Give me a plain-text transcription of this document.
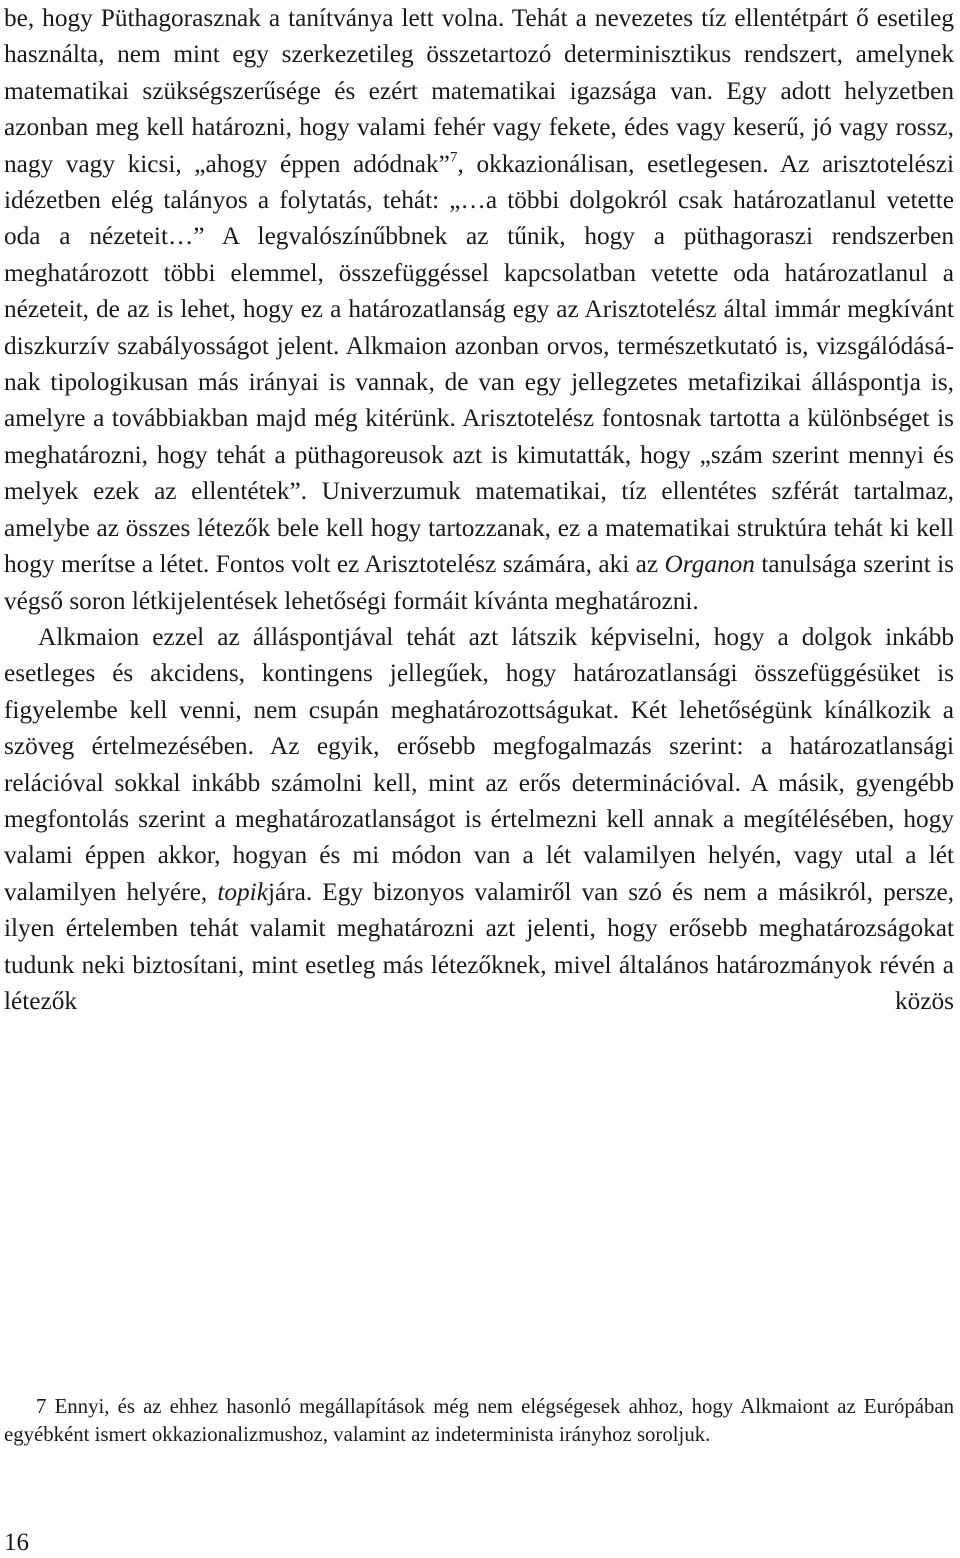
be, hogy Püthagorasznak a tanítványa lett volna. Tehát a nevezetes tíz ellentétpárt ő esetileg használta, nem mint egy szerkezetileg összetartozó determinisztikus rendszert, amelynek matematikai szükségszerűsége és ezért matematikai igazsága van. Egy adott helyzetben azonban meg kell határozni, hogy valami fehér vagy fekete, édes vagy keserű, jó vagy rossz, nagy vagy kicsi, „ahogy éppen adódnak”$^7$, okkazionálisan, esetlegesen. Az arisztotelészi idézetben elég talányos a folytatás, tehát: „…a többi dolgokról csak határozatlanul vetette oda a nézeteit…” A legvalószínűbbnek az tűnik, hogy a püthagoraszi rendszerben meghatározott többi elemmel, összefüggéssel kapcsolatban vetette oda határozatlanul a nézeteit, de az is lehet, hogy ez a határozatlanság egy az Arisztotelész által immár megkívánt diszkurzív szabályosságot jelent. Alkmaion azonban orvos, természetkutató is, vizsgálódásának tipologikusan más irányai is vannak, de van egy jellegzetes metafizikai álláspontja is, amelyre a továbbiakban majd még kitérünk. Arisztotelész fontosnak tartotta a különbséget is meghatározni, hogy tehát a püthagoreusok azt is kimutatták, hogy „szám szerint mennyi és melyek ezek az ellentétek”. Univerzumuk matematikai, tíz ellentétes szférát tartalmaz, amelybe az összes létezők bele kell hogy tartozzanak, ez a matematikai struktúra tehát ki kell hogy merítse a létet. Fontos volt ez Arisztotelész számára, aki az Organon tanulsága szerint is végső soron létkijelentések lehetőségi formáit kívánta meghatározni.

Alkmaion ezzel az álláspontjával tehát azt látszik képviselni, hogy a dolgok inkább esetleges és akcidens, kontingens jellegűek, hogy határozatlansági összefüggésüket is figyelembe kell venni, nem csupán meghatározottságukat. Két lehetőségünk kínálkozik a szöveg értelmezésében. Az egyik, erősebb megfogalmazás szerint: a határozatlansági relációval sokkal inkább számolni kell, mint az erős determinációval. A másik, gyengébb megfontolás szerint a meghatározatlanságot is értelmezni kell annak a megítélésében, hogy valami éppen akkor, hogyan és mi módon van a lét valamilyen helyén, vagy utal a lét valamilyen helyére, topikjára. Egy bizonyos valamiről van szó és nem a másikról, persze, ilyen értelemben tehát valamit meghatározni azt jelenti, hogy erősebb meghatározságokat tudunk neki biztosítani, mint esetleg más létezőknek, mivel általános határozmányok révén a létezők közös

7 Ennyi, és az ehhez hasonló megállapítások még nem elégségesek ahhoz, hogy Alkmaiont az Európában egyébként ismert okkazionalizmushoz, valamint az indeterminista irányhoz soroljuk.

16
